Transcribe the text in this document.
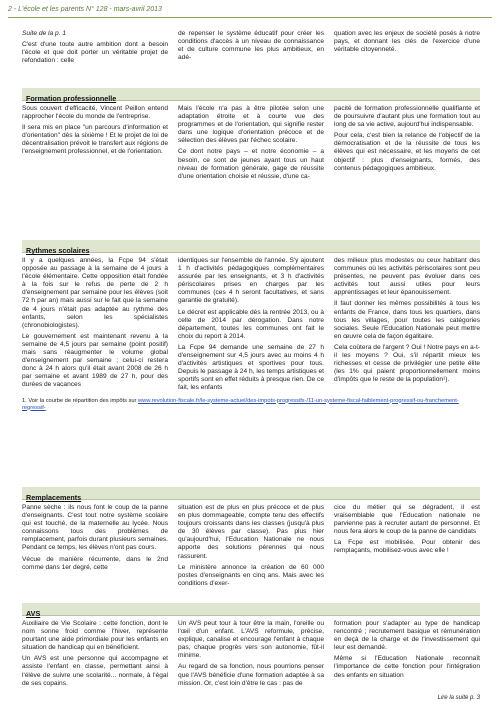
2 - L'école et les parents N° 128 - mars-avril 2013

Suite de la p. 1

C'est d'une toute autre ambition dont a besoin l'école et que doit porter un véritable projet de refondation : celle

de repenser le système éducatif pour créer les conditions d'accès à un niveau de connaissance et de culture commune les plus ambitieux, en adé-

quation avec les enjeux de société posés à notre pays, et donnant les clés de l'exercice d'une véritable citoyenneté.

Formation professionnelle

Sous couvert d'efficacité, Vincent Peillon entend rapprocher l'école du monde de l'entreprise.

Il sera mis en place "un parcours d'information et d'orientation" dès la sixième ! Et le projet de loi de décentralisation prévoit le transfert aux régions de l'enseignement professionnel, et de l'orientation.

Mais l'école n'a pas à être pilotée selon une adaptation étroite et à courte vue des programmes et de l'orientation, qui signifie rester dans une logique d'orientation précoce et de sélection des élèves par l'échec scolaire.

Ce dont notre pays – et notre économie – a besoin, ce sont de jeunes ayant tous un haut niveau de formation générale, gage de réussite d'une orientation choisie et réussie, d'une ca-

pacité de formation professionnelle qualifiante et de poursuivre d'autant plus une formation tout au long de sa vie active, aujourd'hui indispensable.

Pour cela, c'est bien la relance de l'objectif de la démocratisation et de la réussite de tous les élèves qui est nécessaire, et les moyens de cet objectif : plus d'enseignants, formés, des contenus pédagogiques ambitieux.

Rythmes scolaires

Il y a quelques années, la Fcpe 94 s'était opposée au passage à la semaine de 4 jours à l'école élémentaire. Cette opposition était fondée à la fois sur le refus de perte de 2 h d'enseignement par semaine pour les élèves (soit 72 h par an) mais aussi sur le fait que la semaine de 4 jours n'était pas adaptée au rythme des enfants, selon les spécialistes (chronobiologistes).

Le gouvernement est maintenant revenu à la semaine de 4,5 jours par semaine (point positif) mais sans réaugmenter le volume global d'enseignement par semaine ; celui-ci restera donc à 24 h alors qu'il était avant 2008 de 26 h par semaine et avant 1989 de 27 h, pour des durées de vacances

identiques sur l'ensemble de l'année. S'y ajoutent 1 h d'activités pédagogiques complémentaires assurée par les enseignants, et 3 h d'activités périscolaires prises en charges par les communes (ces 4 h seront facultatives, et sans garantie de gratuité).

Le décret est applicable dès la rentrée 2013, ou à celle de 2014 par dérogation. Dans notre département, toutes les communes ont fait le choix du report à 2014.

La Fcpe 94 demande une semaine de 27 h d'enseignement sur 4,5 jours avec au moins 4 h d'activités artistiques et sportives pour tous. Depuis le passage à 24 h, les temps artistiques et sportifs sont en effet réduits à presque rien. De ce fait, les enfants

des milieux plus modestes ou ceux habitant des communes où les activités périscolaires sont peu présentes, ne peuvent pas évoluer dans ces activités tout aussi utiles pour leurs apprentissages et leur épanouissement.

Il faut donner les mêmes possibilités à tous les enfants de France, dans tous les quartiers, dans tous les villages, pour toutes les catégories sociales. Seule l'Education Nationale peut mettre en œuvre cela de façon égalitaire.

Cela coûtera de l'argent ? Oui ! Notre pays en a-t-il les moyens ? Oui, s'il répartit mieux les richesses et cesse de privilégier une petite élite (les 1% qui paient proportionnellement moins d'impôts que le reste de la population¹).

1. Voir la courbe de répartition des impôts sur www.revolution-fiscale.fr/le-systeme-actuel/des-impots-progressifs-/11-un-systeme-fiscal-faiblement-progressif-ou-franchement-regressif-
Remplacements

Panne sèche : ils nous font le coup de la panne d'enseignants. C'est tout notre système scolaire qui est touché, de la maternelle au lycée. Nous connaissons tous des problèmes de remplacement, parfois durant plusieurs semaines. Pendant ce temps, les élèves n'ont pas cours.

Vécue de manière récurrente, dans le 2nd comme dans 1er degré, cette

situation est de plus en plus précoce et de plus en plus dommageable, compte tenu des effectifs toujours croissants dans les classes (jusqu'à plus de 30 élèves par classe). Pas plus hier qu'aujourd'hui, l'Education Nationale ne nous apporte des solutions pérennes qui nous rassurent.

Le ministère annonce la création de 60 000 postes d'enseignants en cinq ans. Mais avec les conditions d'exer-

cice du métier qui se dégradent, il est vraisemblable que l'Education nationale ne parvienne pas à recruter autant de personnel. Et nous fera alors le coup de la panne de candidats

La Fcpe est mobilisée. Pour obtenir des remplaçants, mobilisez-vous avec elle !

AVS

Auxiliaire de Vie Scolaire : cette fonction, dont le nom sonne froid comme l'hiver, représente pourtant une aide primordiale pour les enfants en situation de handicap qui en bénéficient.

Un AVS est une personne qui accompagne et assiste l'enfant en classe, permettant ainsi à l'élève de suivre une scolarité... normale, à l'égal de ses copains.

Un AVS peut tour à tour être la main, l'oreille ou l'œil d'un enfant. L'AVS reformule, précise, explique, canalise et encourage l'enfant à chaque pas, chaque progrès vers son autonomie, fût-il minime.

Au regard de sa fonction, nous pourrions penser que l'AVS bénéficie d'une formation adaptée à sa mission. Or, c'est loin d'être le cas : pas de

formation pour s'adapter au type de handicap rencontré ; recrutement basique et rémunération en deçà de la charge et de l'investissement qui leur est demandé.

Même si l'Education Nationale reconnaît l'importance de cette fonction pour l'intégration des enfants en situation

Lire la suite p. 3
